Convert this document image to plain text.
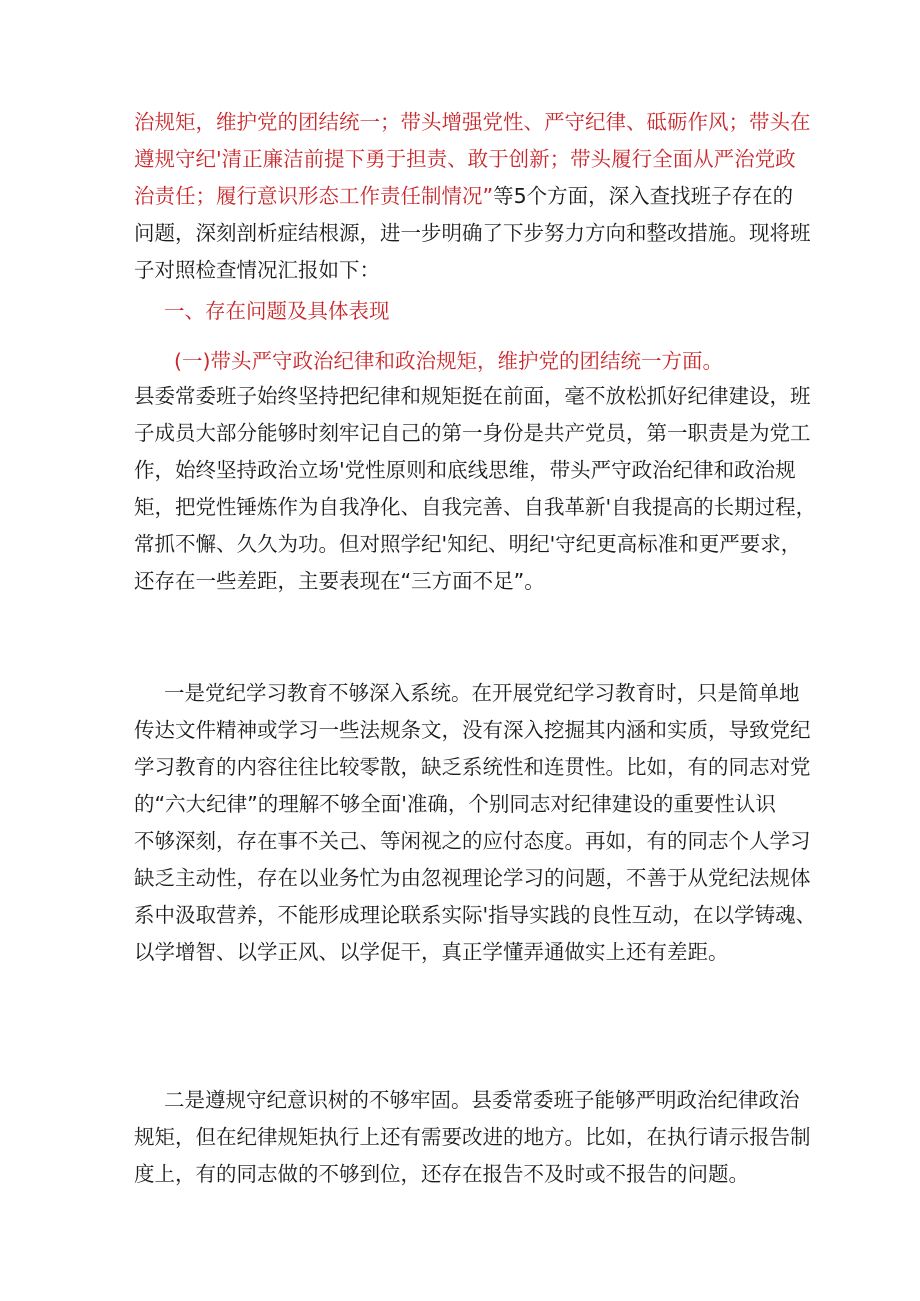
治规矩，维护党的团结统一；带头增强党性、严守纪律、砥砺作风；带头在
遵规守纪'清正廉洁前提下勇于担责、敢于创新；带头履行全面从严治党政
治责任；履行意识形态工作责任制情况”等5个方面，深入查找班子存在的
问题，深刻剖析症结根源，进一步明确了下步努力方向和整改措施。现将班
子对照检查情况汇报如下：
一、存在问题及具体表现
(一)带头严守政治纪律和政治规矩，维护党的团结统一方面。
县委常委班子始终坚持把纪律和规矩挺在前面，毫不放松抓好纪律建设，班
子成员大部分能够时刻牢记自己的第一身份是共产党员，第一职责是为党工
作，始终坚持政治立场'党性原则和底线思维，带头严守政治纪律和政治规
矩，把党性锤炼作为自我净化、自我完善、自我革新'自我提高的长期过程，
常抓不懈、久久为功。但对照学纪'知纪、明纪'守纪更高标准和更严要求，
还存在一些差距，主要表现在“三方面不足”。
一是党纪学习教育不够深入系统。在开展党纪学习教育时，只是简单地
传达文件精神或学习一些法规条文，没有深入挖掘其内涵和实质，导致党纪
学习教育的内容往往比较零散，缺乏系统性和连贯性。比如，有的同志对党
的“六大纪律”的理解不够全面'准确，个别同志对纪律建设的重要性认识
不够深刻，存在事不关己、等闲视之的应付态度。再如，有的同志个人学习
缺乏主动性，存在以业务忙为由忽视理论学习的问题，不善于从党纪法规体
系中汲取营养，不能形成理论联系实际'指导实践的良性互动，在以学铸魂、
以学增智、以学正风、以学促干，真正学懂弄通做实上还有差距。
二是遵规守纪意识树的不够牢固。县委常委班子能够严明政治纪律政治
规矩，但在纪律规矩执行上还有需要改进的地方。比如，在执行请示报告制
度上，有的同志做的不够到位，还存在报告不及时或不报告的问题。
